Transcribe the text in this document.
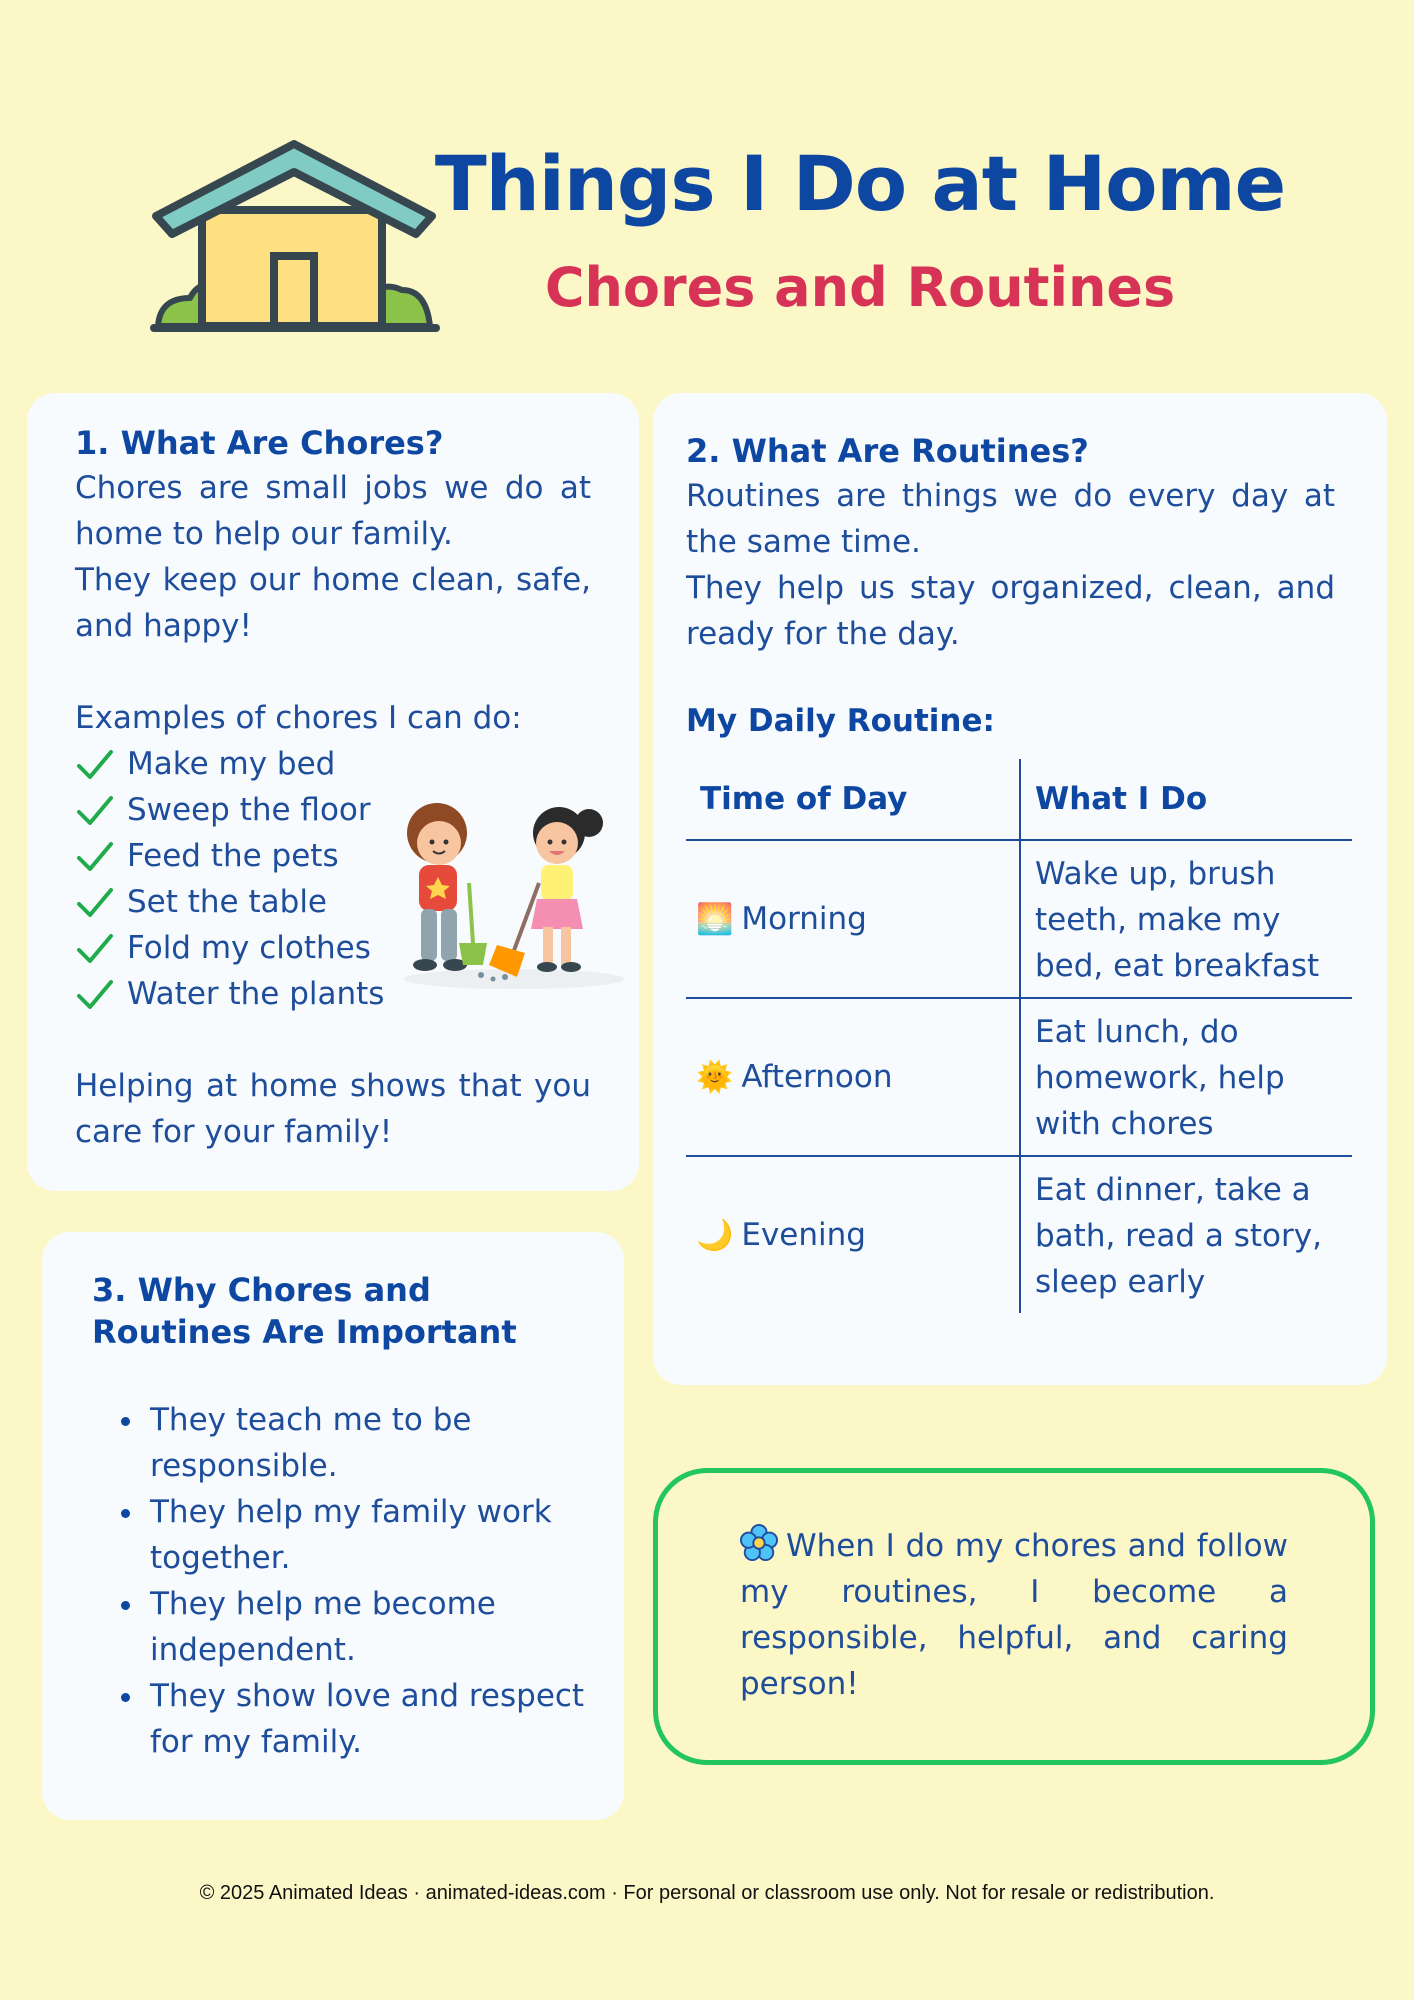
Things I Do at Home
Chores and Routines
1. What Are Chores?

Chores are small jobs we do at home to help our family.

They keep our home clean, safe, and happy!

Examples of chores I can do:

Make my bed
Sweep the floor
Feed the pets
Set the table
Fold my clothes
Water the plants

Helping at home shows that you care for your family!

2. What Are Routines?

Routines are things we do every day at the same time.

They help us stay organized, clean, and ready for the day.

My Daily Routine:

Time of Day	What I Do
🌅 Morning	Wake up, brush teeth, make my bed, eat breakfast
🌞 Afternoon	Eat lunch, do homework, help with chores
🌙 Evening	Eat dinner, take a bath, read a story, sleep early
3. Why Chores and Routines Are Important
• They teach me to be responsible.
• They help my family work together.
• They help me become independent.
• They show love and respect for my family.

When I do my chores and follow my routines, I become a responsible, helpful, and caring person!

© 2025 Animated Ideas · animated-ideas.com · For personal or classroom use only. Not for resale or redistribution.
